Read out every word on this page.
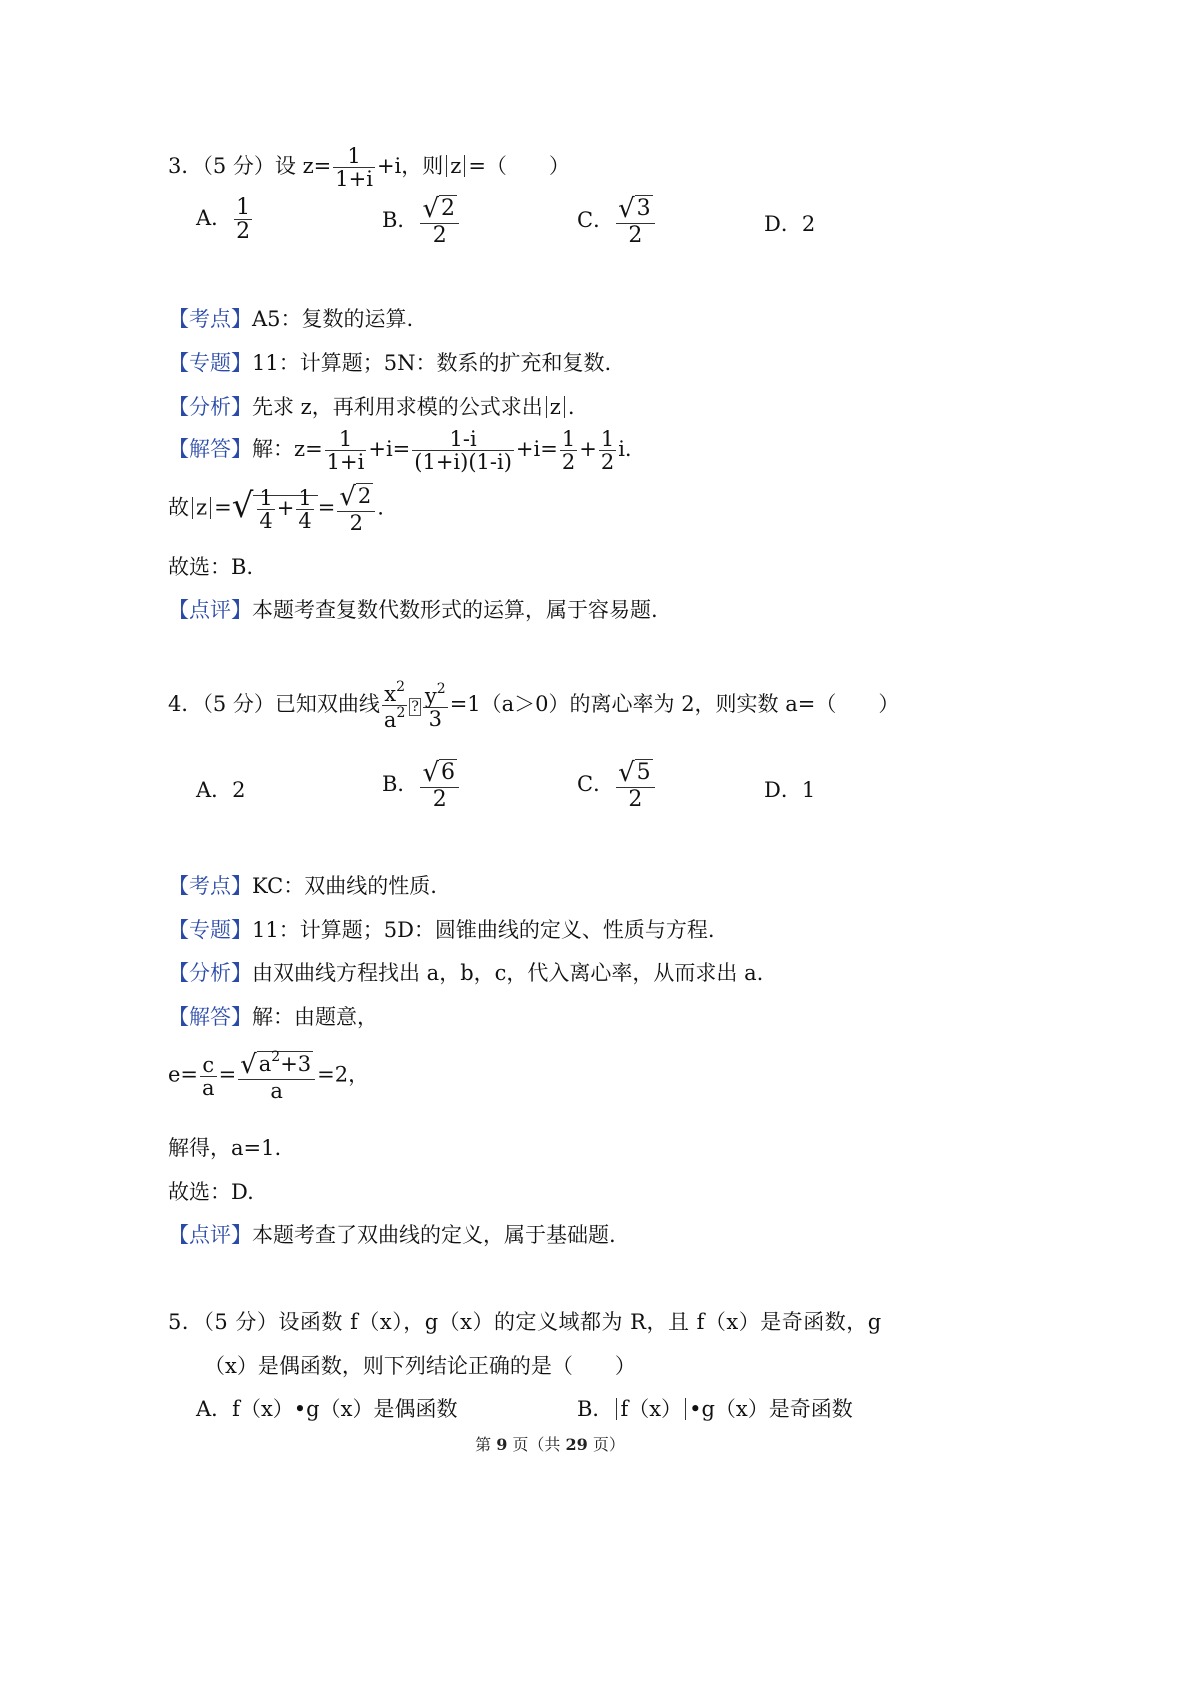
3．（5 分）设 $z= \frac{1}{1+i} +i$，则 z =（　　）
A． $\frac{1}{2}$	B． $\frac{√2}{2}$	C． $\frac{√3}{2}$	D．2
【考点】A5：复数的运算.
【专题】11：计算题；5N：数系的扩充和复数.
【分析】先求 z，再利用求模的公式求出 z .
【解答】解：$z= \frac{1}{1+i} +i= \frac{1-i}{(1+i)(1-i)} +i= \frac{1}{2} + \frac{1}{2} i$.
故 z =√ $\frac{1}{4} + \frac{1}{4} = \frac{√2}{2}$ .
故选：B.
【点评】本题考查复数代数形式的运算，属于容易题.
4．（5 分）已知双曲线 $\frac{x^2}{a^2}$ ? $\frac{y^2}{3} =1(a>0)$的离心率为 2，则实数 a=（　　）
A．2	B． $\frac{√6}{2}$	C． $\frac{√5}{2}$	D．1
【考点】KC：双曲线的性质.
【专题】11：计算题；5D：圆锥曲线的定义、性质与方程.
【分析】由双曲线方程找出 a，b，c，代入离心率，从而求出 a.
【解答】解：由题意，
$e= \frac{c}{a} = \frac{√a^2+3}{a} =2$，
解得，a=1.
故选：D.
【点评】本题考查了双曲线的定义，属于基础题.
5．（5 分）设函数 f（x），g（x）的定义域都为 R，且 f（x）是奇函数，g
（x）是偶函数，则下列结论正确的是（　　）
A．f（x）•g（x）是偶函数	B． f（x） •g（x）是奇函数
第 9 页（共 29 页）
